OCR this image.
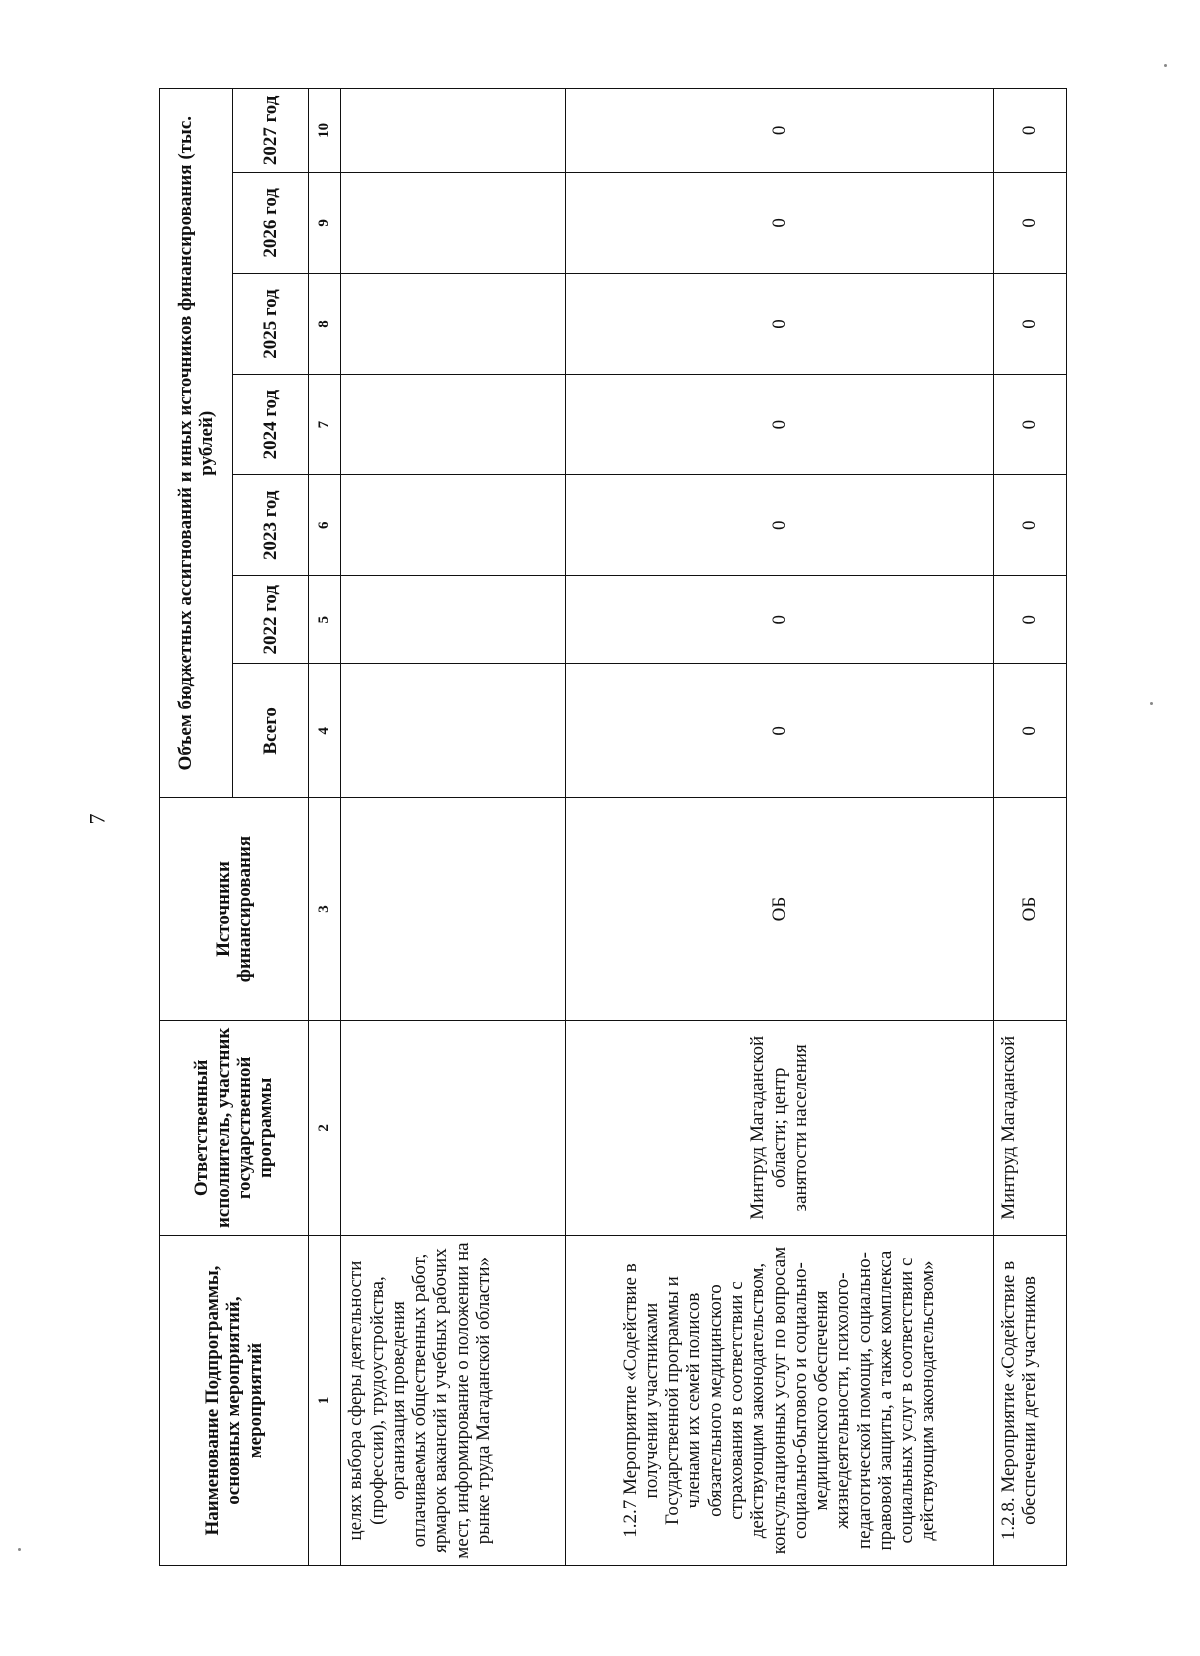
7
Наименование Подпрограммы, основных мероприятий, мероприятий	Ответственный исполнитель, участник государственной программы	Источники финансирования	Объем бюджетных ассигнований и иных источников финансирования (тыс. рублей)						
			Всего	2022 год	2023 год	2024 год	2025 год	2026 год	2027 год
1	2	3	4	5	6	7	8	9	10
целях выбора сферы деятельности (профессии), трудоустройства, организация проведения оплачиваемых общественных работ, ярмарок вакансий и учебных рабочих мест, информирование о положении на рынке труда Магаданской области»									
1.2.7 Мероприятие «Содействие в получении участниками Государственной программы и членами их семей полисов обязательного медицинского страхования в соответствии с действующим законодательством, консультационных услуг по вопросам социально-бытового и социально-медицинского обеспечения жизнедеятельности, психолого-педагогической помощи, социально-правовой защиты, а также комплекса социальных услуг в соответствии с действующим законодательством»	Минтруд Магаданской области; центр занятости населения	ОБ	0	0	0	0	0	0	0
1.2.8. Мероприятие «Содействие в обеспечении детей участников	Минтруд Магаданской	ОБ	0	0	0	0	0	0	0
